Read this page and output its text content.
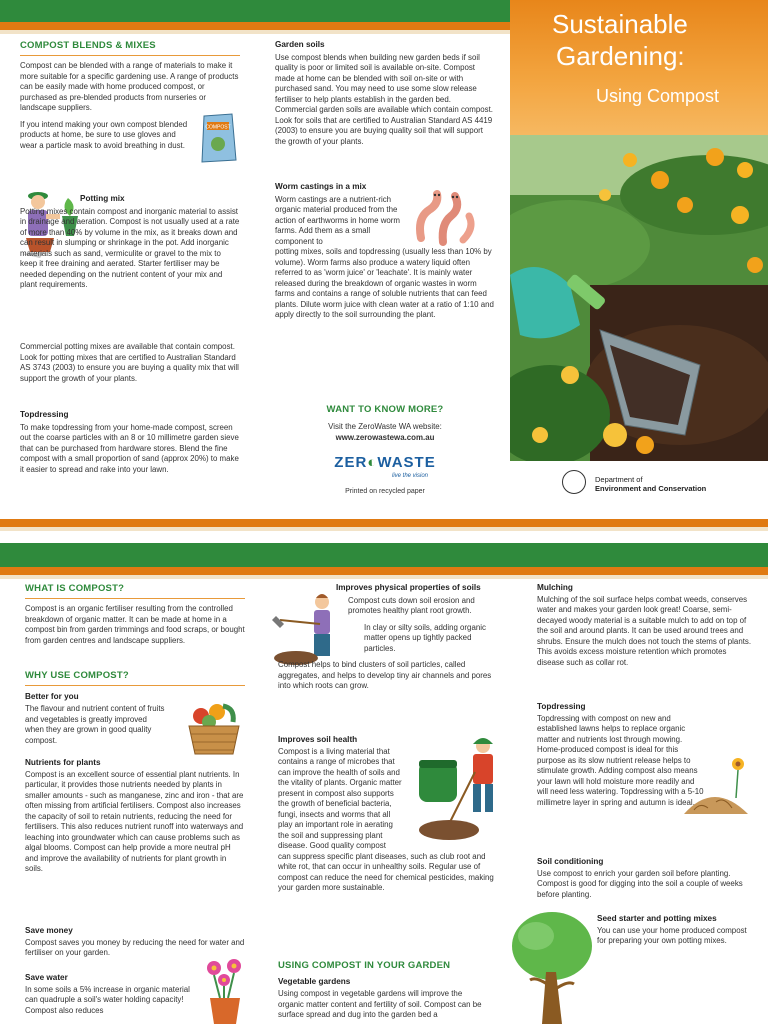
COMPOST BLENDS & MIXES

Compost can be blended with a range of materials to make it more suitable for a specific gardening use. A range of products can be easily made with home produced compost, or purchased as pre-blended products from nurseries or landscape suppliers.

If you intend making your own compost blended products at home, be sure to use gloves and wear a particle mask to avoid breathing in dust.

COMPOST
Potting mix

Potting mixes contain compost and inorganic material to assist in drainage and aeration. Compost is not usually used at a rate of more than 40% by volume in the mix, as it breaks down and can result in slumping or shrinkage in the pot. Add inorganic materials such as sand, vermiculite or gravel to the mix to keep it free draining and aerated. Starter fertiliser may be needed depending on the nutrient content of your mix and plant requirements.

Commercial potting mixes are available that contain compost. Look for potting mixes that are certified to Australian Standard AS 3743 (2003) to ensure you are buying a quality mix that will support the growth of your plants.

Topdressing

To make topdressing from your home-made compost, screen out the coarse particles with an 8 or 10 millimetre garden sieve that can be purchased from hardware stores. Blend the fine compost with a small proportion of sand (approx 20%) to make it easier to spread and rake into your lawn.

Garden soils

Use compost blends when building new garden beds if soil quality is poor or limited soil is available on-site. Compost made at home can be blended with soil on-site or with purchased sand. You may need to use some slow release fertiliser to help plants establish in the garden bed. Commercial garden soils are available which contain compost. Look for soils that are certified to Australian Standard AS 4419 (2003) to ensure you are buying quality soil that will support the growth of your plants.

Worm castings in a mix

Worm castings are a nutrient-rich organic material produced from the action of earthworms in home worm farms. Add them as a small component to

potting mixes, soils and topdressing (usually less than 10% by volume). Worm farms also produce a watery liquid often referred to as 'worm juice' or 'leachate'. It is mainly water released during the breakdown of organic wastes in worm farms and contains a range of soluble nutrients that can feed plants. Dilute worm juice with clean water at a ratio of 1:10 and apply directly to the soil surrounding the plant.

WANT TO KNOW MORE?

Visit the ZeroWaste WA website:

www.zerowastewa.com.au

ZER◐WASTE
live the vision

Printed on recycled paper

Sustainable
Gardening:
Using Compost
Department of
Environment and Conservation
WHAT IS COMPOST?

Compost is an organic fertiliser resulting from the controlled breakdown of organic matter. It can be made at home in a compost bin from garden trimmings and food scraps, or bought from garden centres and landscape suppliers.

WHY USE COMPOST?
Better for you

The flavour and nutrient content of fruits and vegetables is greatly improved when they are grown in good quality compost.

Nutrients for plants

Compost is an excellent source of essential plant nutrients. In particular, it provides those nutrients needed by plants in smaller amounts - such as manganese, zinc and iron - that are often missing from artificial fertilisers. Compost also increases the capacity of soil to retain nutrients, reducing the need for fertilisers. This also reduces nutrient runoff into waterways and leaching into groundwater which can cause problems such as algal blooms. Compost can help provide a more neutral pH and improve the availability of nutrients for plant growth in soils.

Save money

Compost saves you money by reducing the need for water and fertiliser on your garden.

Save water

In some soils a 5% increase in organic material can quadruple a soil's water holding capacity! Compost also reduces

Improves physical properties of soils

Compost cuts down soil erosion and promotes healthy plant root growth.

In clay or silty soils, adding organic matter opens up tightly packed particles.

Compost helps to bind clusters of soil particles, called aggregates, and helps to develop tiny air channels and pores into which roots can grow.

Improves soil health

Compost is a living material that contains a range of microbes that can improve the health of soils and the vitality of plants. Organic matter present in compost also supports the growth of beneficial bacteria, fungi, insects and worms that all play an important role in aerating the soil and suppressing plant disease. Good quality compost

can suppress specific plant diseases, such as club root and white rot, that can occur in unhealthy soils. Regular use of compost can reduce the need for chemical pesticides, making your garden more sustainable.

USING COMPOST IN YOUR GARDEN
Vegetable gardens

Using compost in vegetable gardens will improve the organic matter content and fertility of soil. Compost can be surface spread and dug into the garden bed a

Mulching

Mulching of the soil surface helps combat weeds, conserves water and makes your garden look great! Coarse, semi-decayed woody material is a suitable mulch to add on top of the soil and around plants. It can be used around trees and shrubs. Ensure the mulch does not touch the stems of plants. This avoids excess moisture retention which promotes disease such as collar rot.

Topdressing

Topdressing with compost on new and established lawns helps to replace organic matter and nutrients lost through mowing. Home-produced compost is ideal for this purpose as its slow nutrient release helps to stimulate growth. Adding compost also means your lawn will hold moisture more readily and will need less watering. Topdressing with a 5-10 millimetre layer in spring and autumn is ideal.

Soil conditioning

Use compost to enrich your garden soil before planting. Compost is good for digging into the soil a couple of weeks before planting.

Seed starter and potting mixes

You can use your home produced compost for preparing your own potting mixes.
